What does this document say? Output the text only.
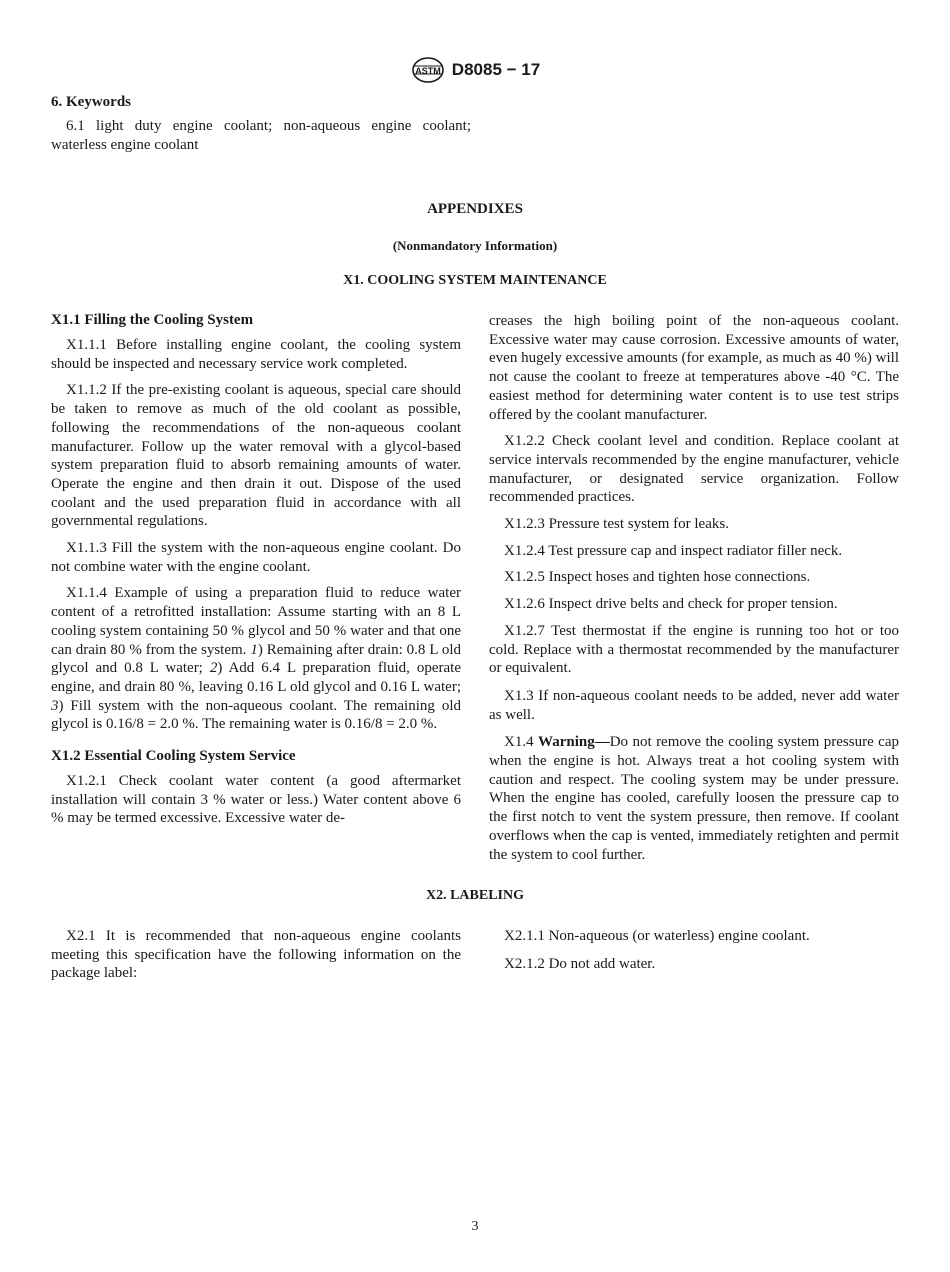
ASTM D8085 − 17

6. Keywords

6.1 light duty engine coolant; non-aqueous engine coolant; waterless engine coolant

APPENDIXES

(Nonmandatory Information)

X1. COOLING SYSTEM MAINTENANCE

X1.1 Filling the Cooling System

X1.1.1 Before installing engine coolant, the cooling system should be inspected and necessary service work completed.

X1.1.2 If the pre-existing coolant is aqueous, special care should be taken to remove as much of the old coolant as possible, following the recommendations of the non-aqueous coolant manufacturer. Follow up the water removal with a glycol-based system preparation fluid to absorb remaining amounts of water. Operate the engine and then drain it out. Dispose of the used coolant and the used preparation fluid in accordance with all governmental regulations.

X1.1.3 Fill the system with the non-aqueous engine coolant. Do not combine water with the engine coolant.

X1.1.4 Example of using a preparation fluid to reduce water content of a retrofitted installation: Assume starting with an 8 L cooling system containing 50 % glycol and 50 % water and that one can drain 80 % from the system. 1) Remaining after drain: 0.8 L old glycol and 0.8 L water; 2) Add 6.4 L preparation fluid, operate engine, and drain 80 %, leaving 0.16 L old glycol and 0.16 L water; 3) Fill system with the non-aqueous coolant. The remaining old glycol is 0.16/8 = 2.0 %. The remaining water is 0.16/8 = 2.0 %.

X1.2 Essential Cooling System Service

X1.2.1 Check coolant water content (a good aftermarket installation will contain 3 % water or less.) Water content above 6 % may be termed excessive. Excessive water de-

creases the high boiling point of the non-aqueous coolant. Excessive water may cause corrosion. Excessive amounts of water, even hugely excessive amounts (for example, as much as 40 %) will not cause the coolant to freeze at temperatures above -40 °C. The easiest method for determining water content is to use test strips offered by the coolant manufacturer.

X1.2.2 Check coolant level and condition. Replace coolant at service intervals recommended by the engine manufacturer, vehicle manufacturer, or designated service organization. Follow recommended practices.

X1.2.3 Pressure test system for leaks.

X1.2.4 Test pressure cap and inspect radiator filler neck.

X1.2.5 Inspect hoses and tighten hose connections.

X1.2.6 Inspect drive belts and check for proper tension.

X1.2.7 Test thermostat if the engine is running too hot or too cold. Replace with a thermostat recommended by the manufacturer or equivalent.

X1.3 If non-aqueous coolant needs to be added, never add water as well.

X1.4 Warning—Do not remove the cooling system pressure cap when the engine is hot. Always treat a hot cooling system with caution and respect. The cooling system may be under pressure. When the engine has cooled, carefully loosen the pressure cap to the first notch to vent the system pressure, then remove. If coolant overflows when the cap is vented, immediately retighten and permit the system to cool further.

X2. LABELING

X2.1 It is recommended that non-aqueous engine coolants meeting this specification have the following information on the package label:

X2.1.1 Non-aqueous (or waterless) engine coolant.

X2.1.2 Do not add water.

3
